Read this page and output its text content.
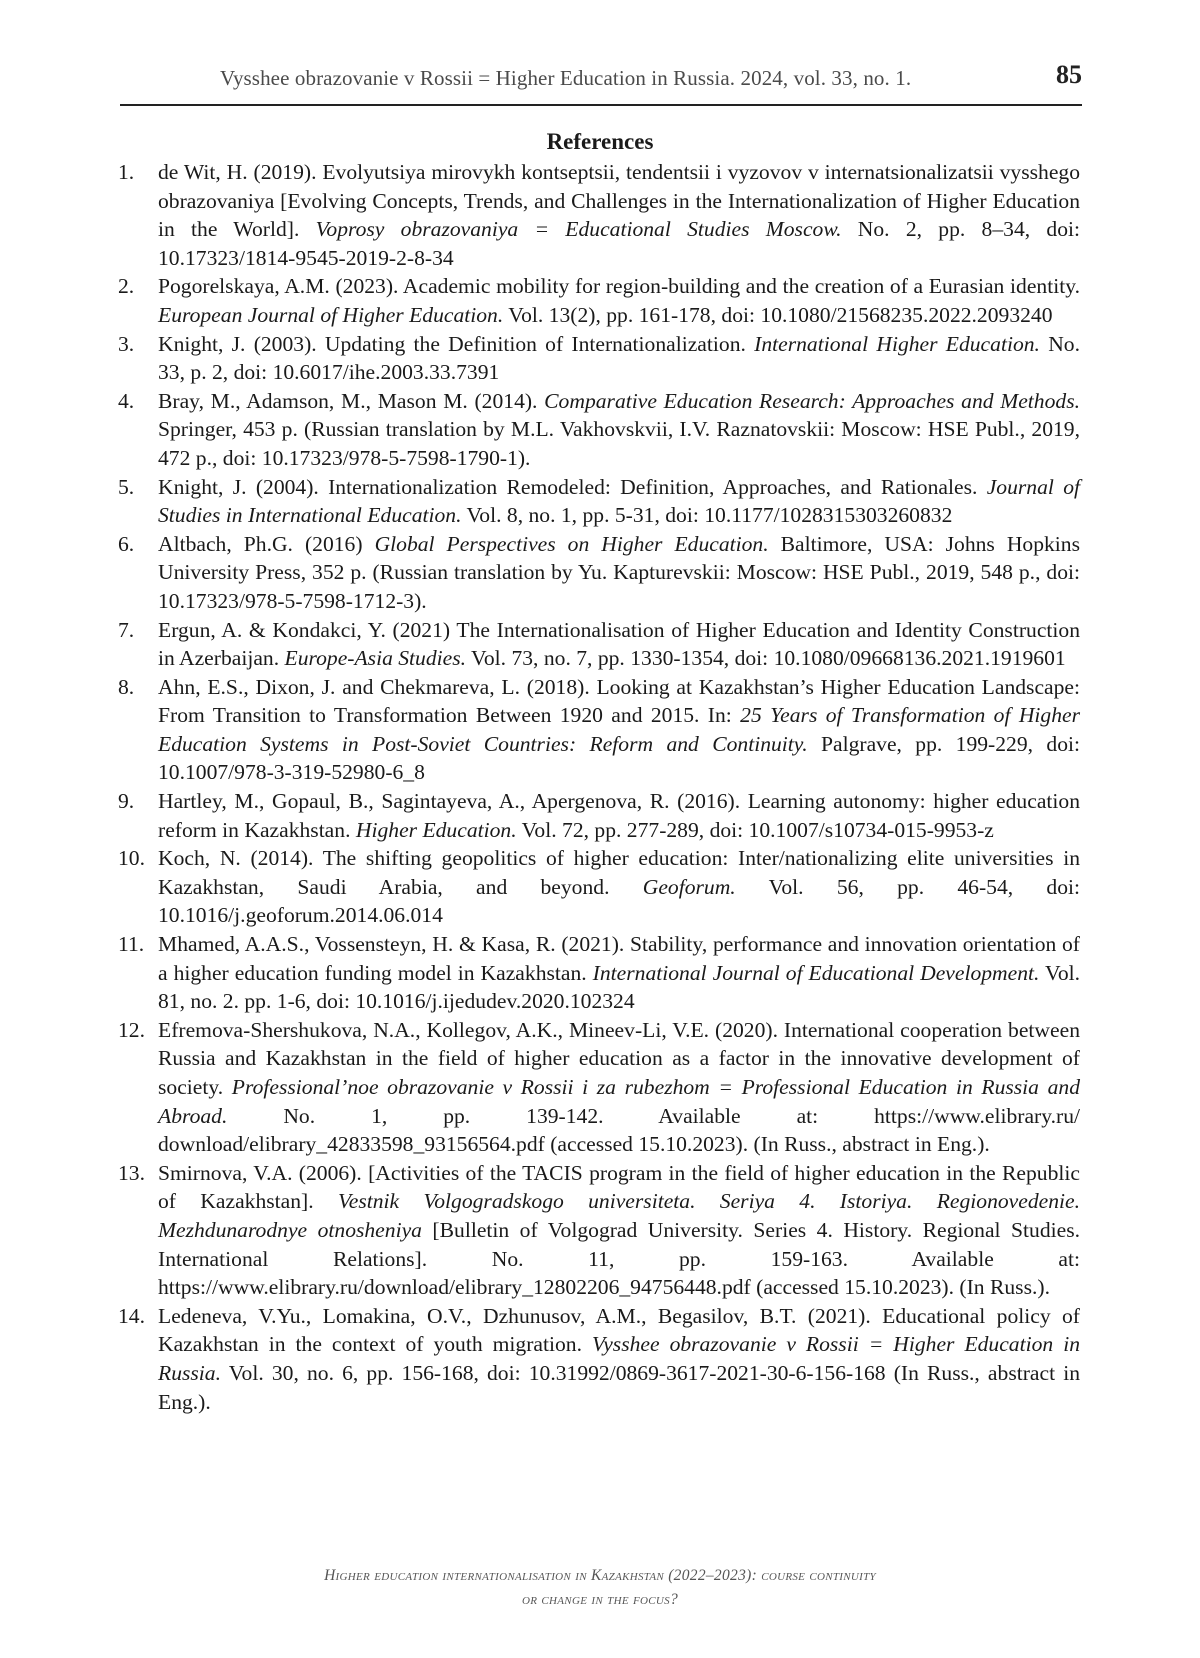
Vysshee obrazovanie v Rossii = Higher Education in Russia. 2024, vol. 33, no. 1.	85
References
1.	de Wit, H. (2019). Evolyutsiya mirovykh kontseptsii, tendentsii i vyzovov v internatsionalizatsii vysshego obrazovaniya [Evolving Concepts, Trends, and Challenges in the Internationalization of Higher Education in the World]. Voprosy obrazovaniya = Educational Studies Moscow. No. 2, pp. 8–34, doi: 10.17323/1814-9545-2019-2-8-34
2.	Pogorelskaya, A.M. (2023). Academic mobility for region-building and the creation of a Eurasian identity. European Journal of Higher Education. Vol. 13(2), pp. 161-178, doi: 10.1080/21568235.2022.2093240
3.	Knight, J. (2003). Updating the Definition of Internationalization. International Higher Education. No. 33, p. 2, doi: 10.6017/ihe.2003.33.7391
4.	Bray, M., Adamson, M., Mason M. (2014). Comparative Education Research: Approaches and Methods. Springer, 453 p. (Russian translation by M.L. Vakhovskvii, I.V. Raznatovskii: Moscow: HSE Publ., 2019, 472 p., doi: 10.17323/978-5-7598-1790-1).
5.	Knight, J. (2004). Internationalization Remodeled: Definition, Approaches, and Rationales. Journal of Studies in International Education. Vol. 8, no. 1, pp. 5-31, doi: 10.1177/1028315303260832
6.	Altbach, Ph.G. (2016) Global Perspectives on Higher Education. Baltimore, USA: Johns Hopkins University Press, 352 p. (Russian translation by Yu. Kapturevskii: Moscow: HSE Publ., 2019, 548 p., doi: 10.17323/978-5-7598-1712-3).
7.	Ergun, A. & Kondakci, Y. (2021) The Internationalisation of Higher Education and Identity Construction in Azerbaijan. Europe-Asia Studies. Vol. 73, no. 7, pp. 1330-1354, doi: 10.1080/09668136.2021.1919601
8.	Ahn, E.S., Dixon, J. and Chekmareva, L. (2018). Looking at Kazakhstan’s Higher Education Landscape: From Transition to Transformation Between 1920 and 2015. In: 25 Years of Transformation of Higher Education Systems in Post-Soviet Countries: Reform and Continuity. Palgrave, pp. 199-229, doi: 10.1007/978-3-319-52980-6_8
9.	Hartley, M., Gopaul, B., Sagintayeva, A., Apergenova, R. (2016). Learning autonomy: higher education reform in Kazakhstan. Higher Education. Vol. 72, pp. 277-289, doi: 10.1007/s10734-015-9953-z
10. Koch, N. (2014). The shifting geopolitics of higher education: Inter/nationalizing elite universities in Kazakhstan, Saudi Arabia, and beyond. Geoforum. Vol. 56, pp. 46-54, doi: 10.1016/j.geoforum.2014.06.014
11. Mhamed, A.A.S., Vossensteyn, H. & Kasa, R. (2021). Stability, performance and innovation orientation of a higher education funding model in Kazakhstan. International Journal of Educational Development. Vol. 81, no. 2. pp. 1-6, doi: 10.1016/j.ijedudev.2020.102324
12. Efremova-Shershukova, N.A., Kollegov, A.K., Mineev-Li, V.E. (2020). International cooperation between Russia and Kazakhstan in the field of higher education as a factor in the innovative development of society. Professional’noe obrazovanie v Rossii i za rubezhom = Professional Education in Russia and Abroad. No. 1, pp. 139-142. Available at: https://www.elibrary.ru/ download/elibrary_42833598_93156564.pdf (accessed 15.10.2023). (In Russ., abstract in Eng.).
13. Smirnova, V.A. (2006). [Activities of the TACIS program in the field of higher education in the Republic of Kazakhstan]. Vestnik Volgogradskogo universiteta. Seriya 4. Istoriya. Regionovedenie. Mezhdunarodnye otnosheniya [Bulletin of Volgograd University. Series 4. History. Regional Studies. International Relations]. No. 11, pp. 159-163. Available at: https://www.elibrary.ru/download/elibrary_12802206_94756448.pdf (accessed 15.10.2023). (In Russ.).
14. Ledeneva, V.Yu., Lomakina, O.V., Dzhunusov, A.M., Begasilov, B.T. (2021). Educational policy of Kazakhstan in the context of youth migration. Vysshee obrazovanie v Rossii = Higher Education in Russia. Vol. 30, no. 6, pp. 156-168, doi: 10.31992/0869-3617-2021-30-6-156-168 (In Russ., abstract in Eng.).
Higher education internationalisation in Kazakhstan (2022–2023): course continuity
or change in the focus?
